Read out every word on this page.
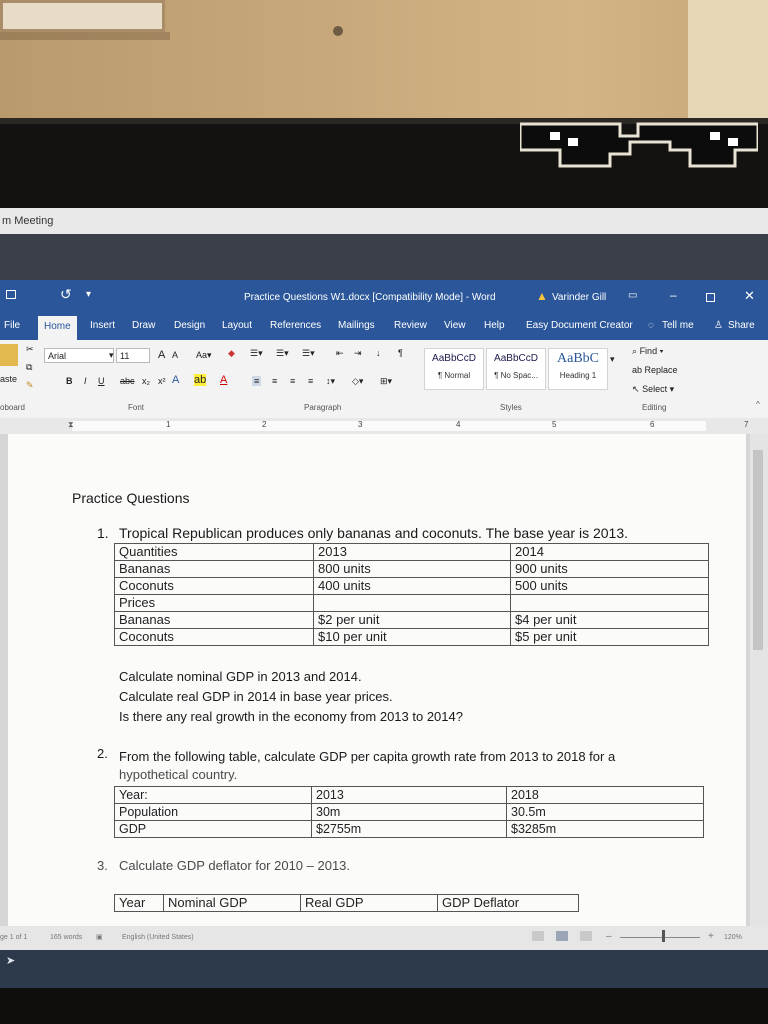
m Meeting
↺ ▾	Practice Questions W1.docx [Compatibility Mode] - Word	▲ Varinder Gill ▭	–	✕
File	Home	Insert Draw Design Layout References Mailings Review View Help Easy Document Creator ◌ Tell me ♙ Share
aste
✂
⧉
✎
Arial	▾ 11	A A Aa▾ ◆
B I U abc x₂ x² A ab A
☰▾ ☰▾ ☰▾ ⇤ ⇥ ↓ ¶
≡ ≡ ≡ ≡ ↕▾ ◇▾ ⊞▾
AaBbCcD
¶ Normal
AaBbCcD
¶ No Spac...
AaBbC
Heading 1
▾
⌕ Find ▾
ab Replace
↖ Select ▾
oboard	Font	Paragraph	Styles	Editing	^
1	2	3	4	5	6	7
⧗
Practice Questions
1. Tropical Republican produces only bananas and coconuts. The base year is 2013.
Quantities	2013	2014
Bananas	800 units	900 units
Coconuts	400 units	500 units
Prices		
Bananas	$2 per unit	$4 per unit
Coconuts	$10 per unit	$5 per unit
Calculate nominal GDP in 2013 and 2014.
Calculate real GDP in 2014 in base year prices.
Is there any real growth in the economy from 2013 to 2014?
2. From the following table, calculate GDP per capita growth rate from 2013 to 2018 for a
hypothetical country.
Year:	2013	2018
Population	30m	30.5m
GDP	$2755m	$3285m
3. Calculate GDP deflator for 2010 – 2013.
Year	Nominal GDP	Real GDP	GDP Deflator
ge 1 of 1	165 words ▣	English (United States)	–	+ 120%
➤
